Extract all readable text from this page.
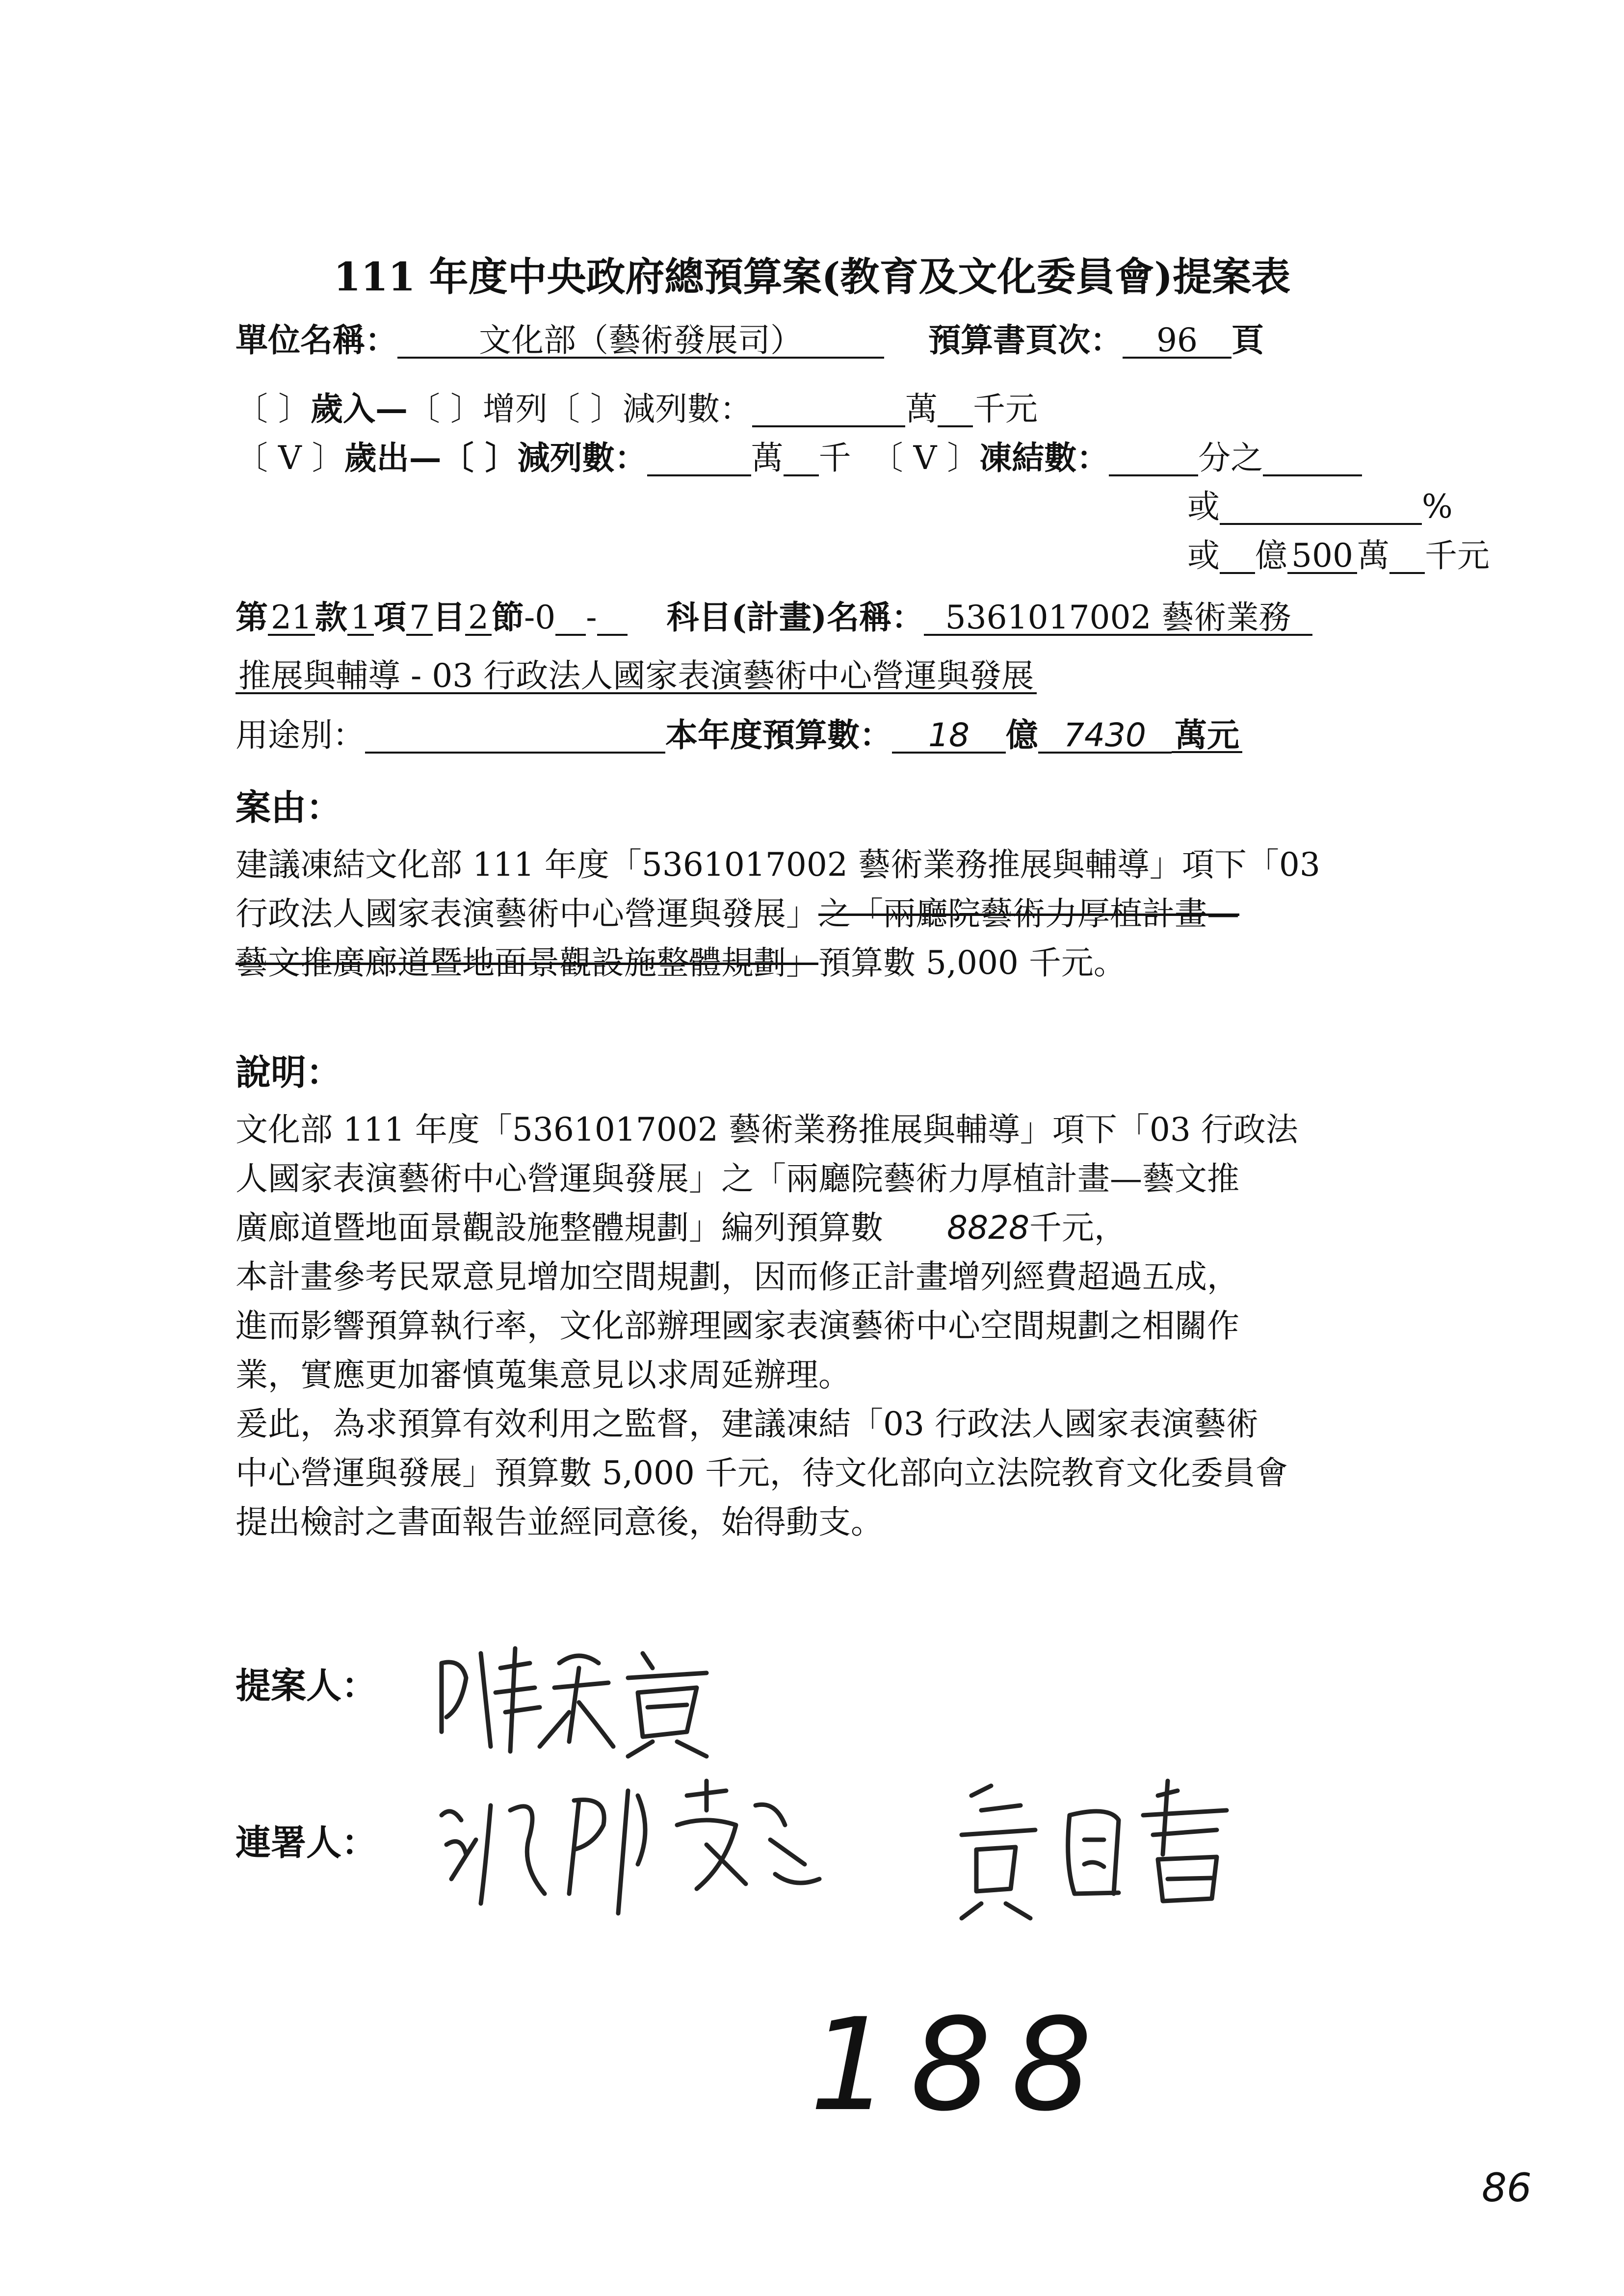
111 年度中央政府總預算案(教育及文化委員會)提案表
單位名稱：	文化部（藝術發展司）	預算書頁次： 96 頁
〔 〕歲入—〔 〕增列〔 〕減列數：	萬 千元
〔 V 〕歲出—〔 〕減列數：	萬 千 〔 V 〕凍結數：	分之
或	%
或 億 500 萬 千元
第21款1項7目2節-0 - 科目(計畫)名稱： 5361017002 藝術業務
推展與輔導 - 03 行政法人國家表演藝術中心營運與發展
用途別：	本年度預算數： 18 億 7430 萬元
案由：
建議凍結文化部 111 年度「5361017002 藝術業務推展與輔導」項下「03
行政法人國家表演藝術中心營運與發展」之「兩廳院藝術力厚植計畫—
藝文推廣廊道暨地面景觀設施整體規劃」預算數 5,000 千元。
說明：
文化部 111 年度「5361017002 藝術業務推展與輔導」項下「03 行政法
人國家表演藝術中心營運與發展」之「兩廳院藝術力厚植計畫—藝文推
廣廊道暨地面景觀設施整體規劃」編列預算數 8828千元，
本計畫參考民眾意見增加空間規劃，因而修正計畫增列經費超過五成，
進而影響預算執行率，文化部辦理國家表演藝術中心空間規劃之相關作
業，實應更加審慎蒐集意見以求周延辦理。
爰此，為求預算有效利用之監督，建議凍結「03 行政法人國家表演藝術
中心營運與發展」預算數 5,000 千元，待文化部向立法院教育文化委員會
提出檢討之書面報告並經同意後，始得動支。
提案人：
連署人：
188
86
